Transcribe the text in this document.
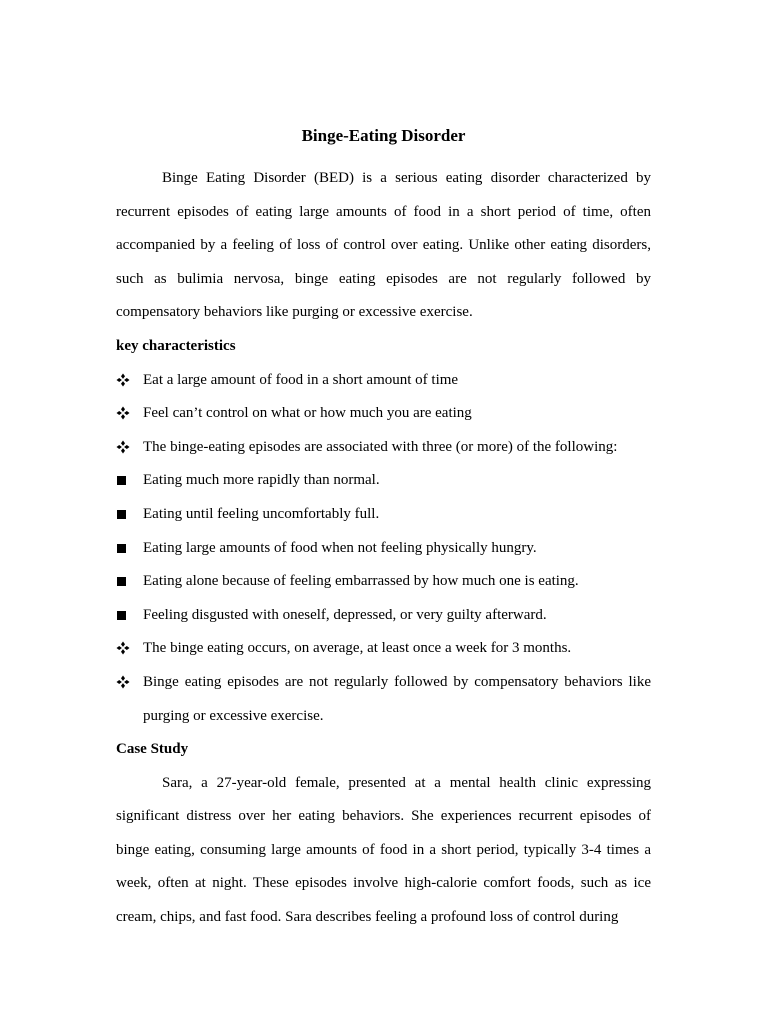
Binge-Eating Disorder

Binge Eating Disorder (BED) is a serious eating disorder characterized by recurrent episodes of eating large amounts of food in a short period of time, often accompanied by a feeling of loss of control over eating. Unlike other eating disorders, such as bulimia nervosa, binge eating episodes are not regularly followed by compensatory behaviors like purging or excessive exercise.

key characteristics
Eat a large amount of food in a short amount of time
Feel can’t control on what or how much you are eating
The binge-eating episodes are associated with three (or more) of the following:
Eating much more rapidly than normal.
Eating until feeling uncomfortably full.
Eating large amounts of food when not feeling physically hungry.
Eating alone because of feeling embarrassed by how much one is eating.
Feeling disgusted with oneself, depressed, or very guilty afterward.
The binge eating occurs, on average, at least once a week for 3 months.
Binge eating episodes are not regularly followed by compensatory behaviors like purging or excessive exercise.
Case Study

Sara, a 27-year-old female, presented at a mental health clinic expressing significant distress over her eating behaviors. She experiences recurrent episodes of binge eating, consuming large amounts of food in a short period, typically 3-4 times a week, often at night. These episodes involve high-calorie comfort foods, such as ice cream, chips, and fast food. Sara describes feeling a profound loss of control during
